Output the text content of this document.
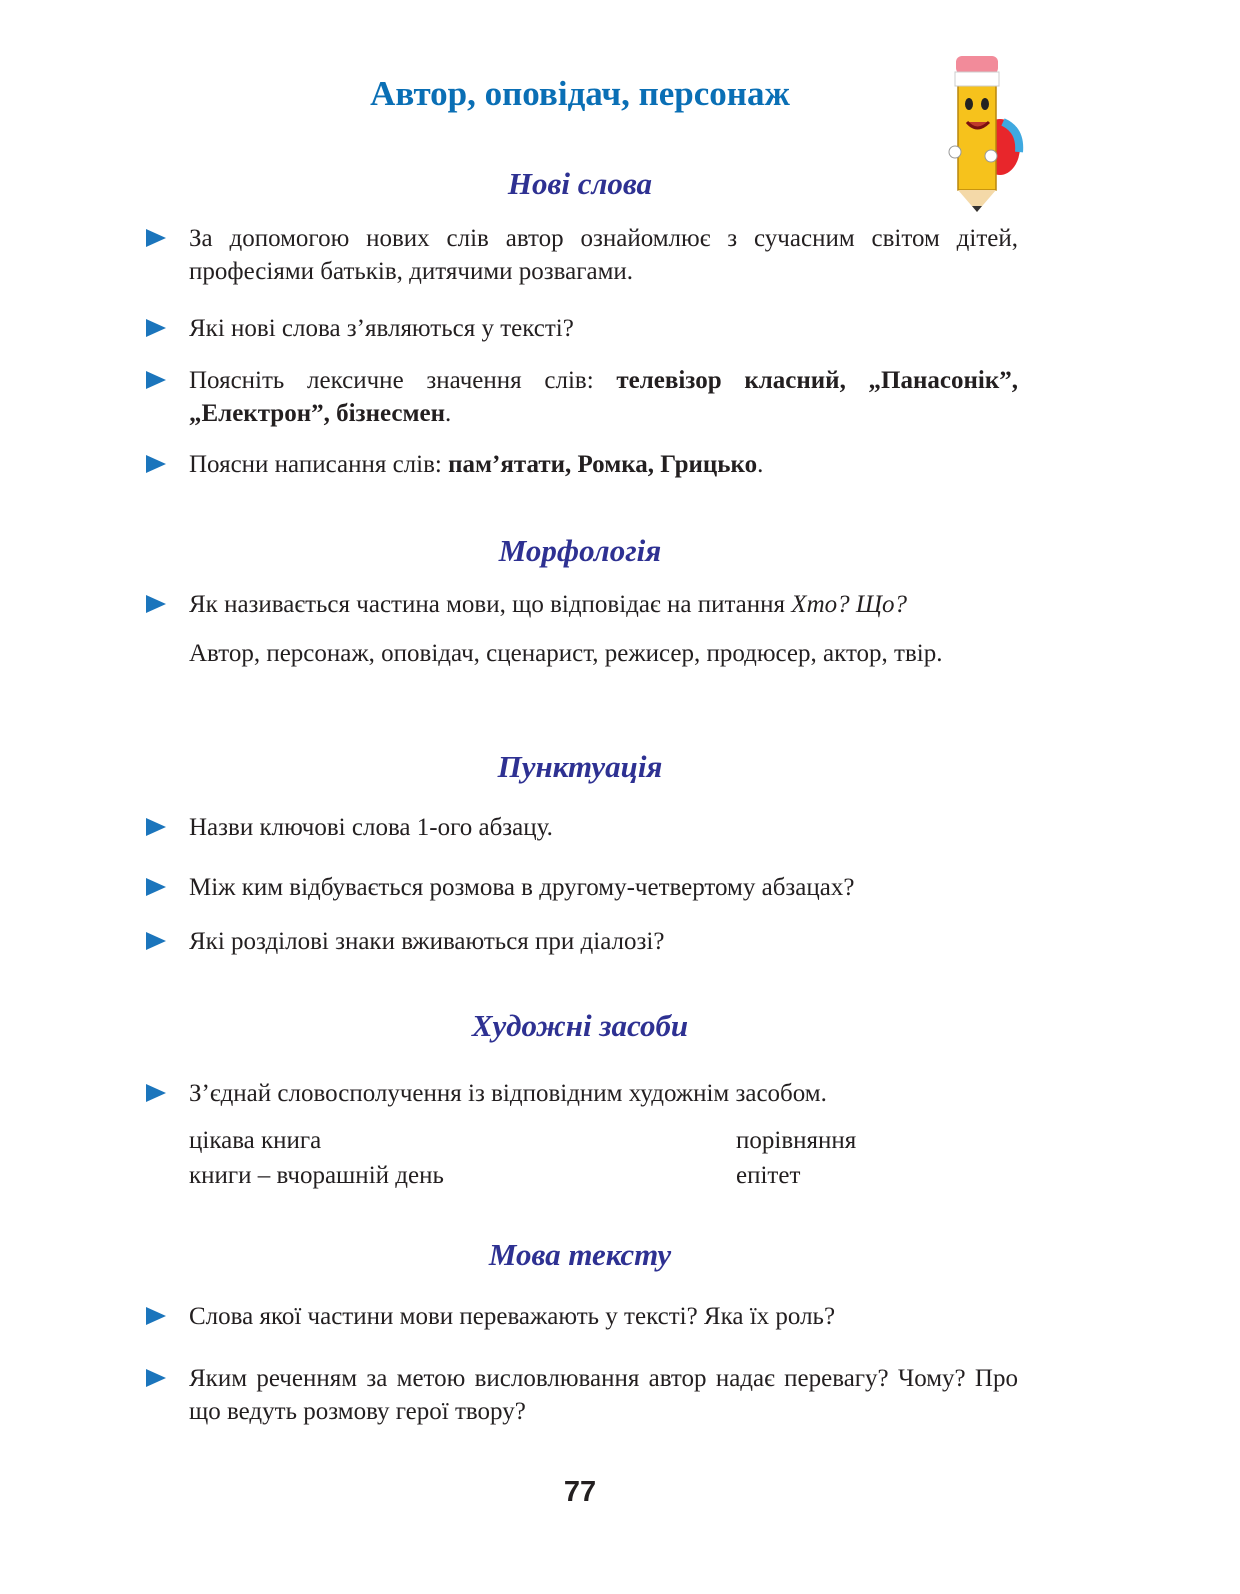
Автор, оповідач, персонаж
Нові слова
За допомогою нових слів автор ознайомлює з сучасним світом дітей, професіями батьків, дитячими розвагами.
Які нові слова з’являються у тексті?
Поясніть лексичне значення слів: телевізор класний, „Панасонік”, „Електрон”, бізнесмен.
Поясни написання слів: пам’ятати, Ромка, Грицько.
Морфологія
Як називається частина мови, що відповідає на питання Хто? Що?
Автор, персонаж, оповідач, сценарист, режисер, продюсер, актор, твір.
Пунктуація
Назви ключові слова 1-ого абзацу.
Між ким відбувається розмова в другому-четвертому абзацах?
Які розділові знаки вживаються при діалозі?
Художні засоби
З’єднай словосполучення із відповідним художнім засобом.
цікава книга
книги – вчорашній день
порівняння
епітет
Мова тексту
Слова якої частини мови переважають у тексті? Яка їх роль?
Яким реченням за метою висловлювання автор надає перевагу? Чому? Про що ведуть розмову герої твору?
77
